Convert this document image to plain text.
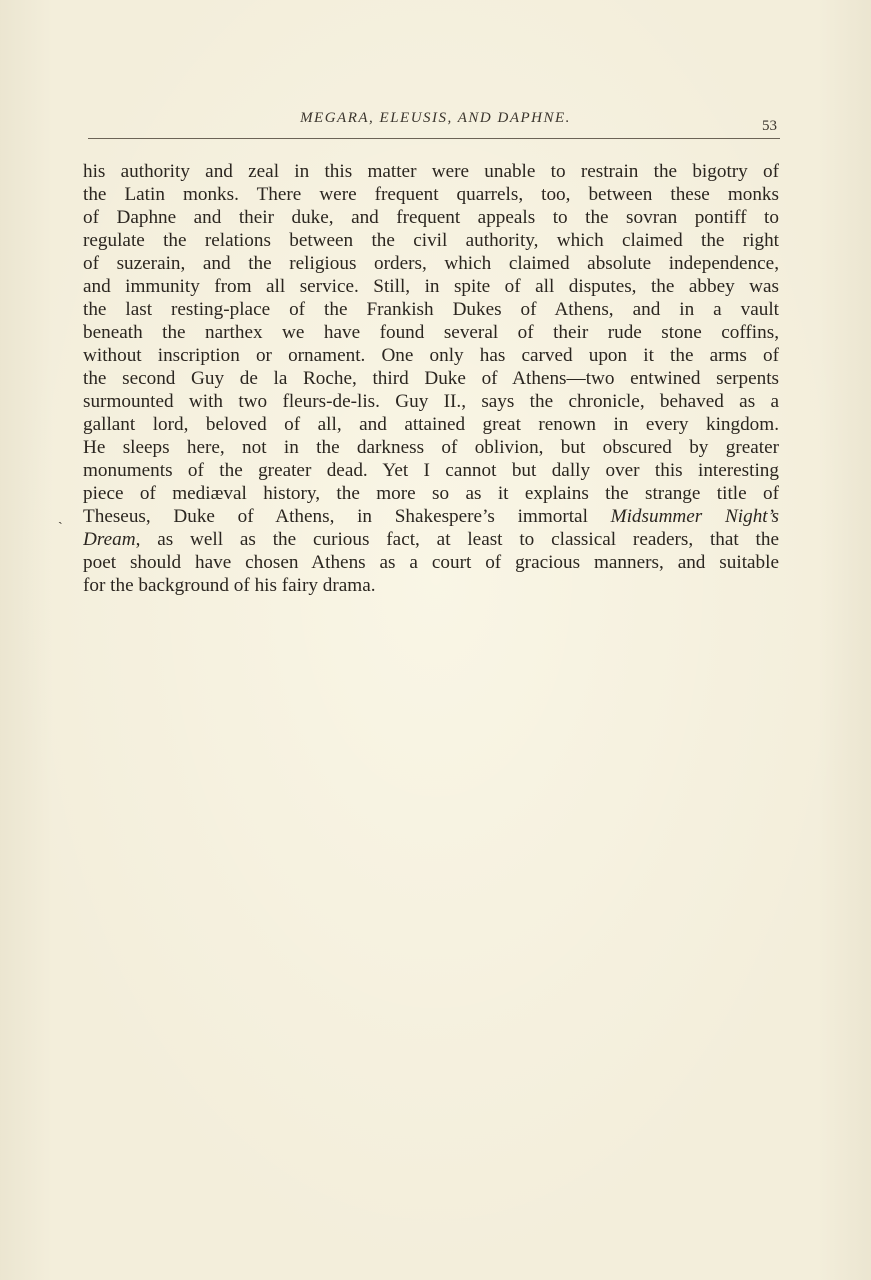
MEGARA, ELEUSIS, AND DAPHNE.	53
ˎ
his authority and zeal in this matter were unable to restrain the bigotry of
the Latin monks. There were frequent quarrels, too, between these monks
of Daphne and their duke, and frequent appeals to the sovran pontiff to
regulate the relations between the civil authority, which claimed the right
of suzerain, and the religious orders, which claimed absolute independence,
and immunity from all service. Still, in spite of all disputes, the abbey was
the last resting-place of the Frankish Dukes of Athens, and in a vault
beneath the narthex we have found several of their rude stone coffins,
without inscription or ornament. One only has carved upon it the arms of
the second Guy de la Roche, third Duke of Athens—two entwined serpents
surmounted with two fleurs-de-lis. Guy II., says the chronicle, behaved as a
gallant lord, beloved of all, and attained great renown in every kingdom.
He sleeps here, not in the darkness of oblivion, but obscured by greater
monuments of the greater dead. Yet I cannot but dally over this interesting
piece of mediæval history, the more so as it explains the strange title of
Theseus, Duke of Athens, in Shakespere’s immortal Midsummer Night’s
Dream, as well as the curious fact, at least to classical readers, that the
poet should have chosen Athens as a court of gracious manners, and suitable
for the background of his fairy drama.
